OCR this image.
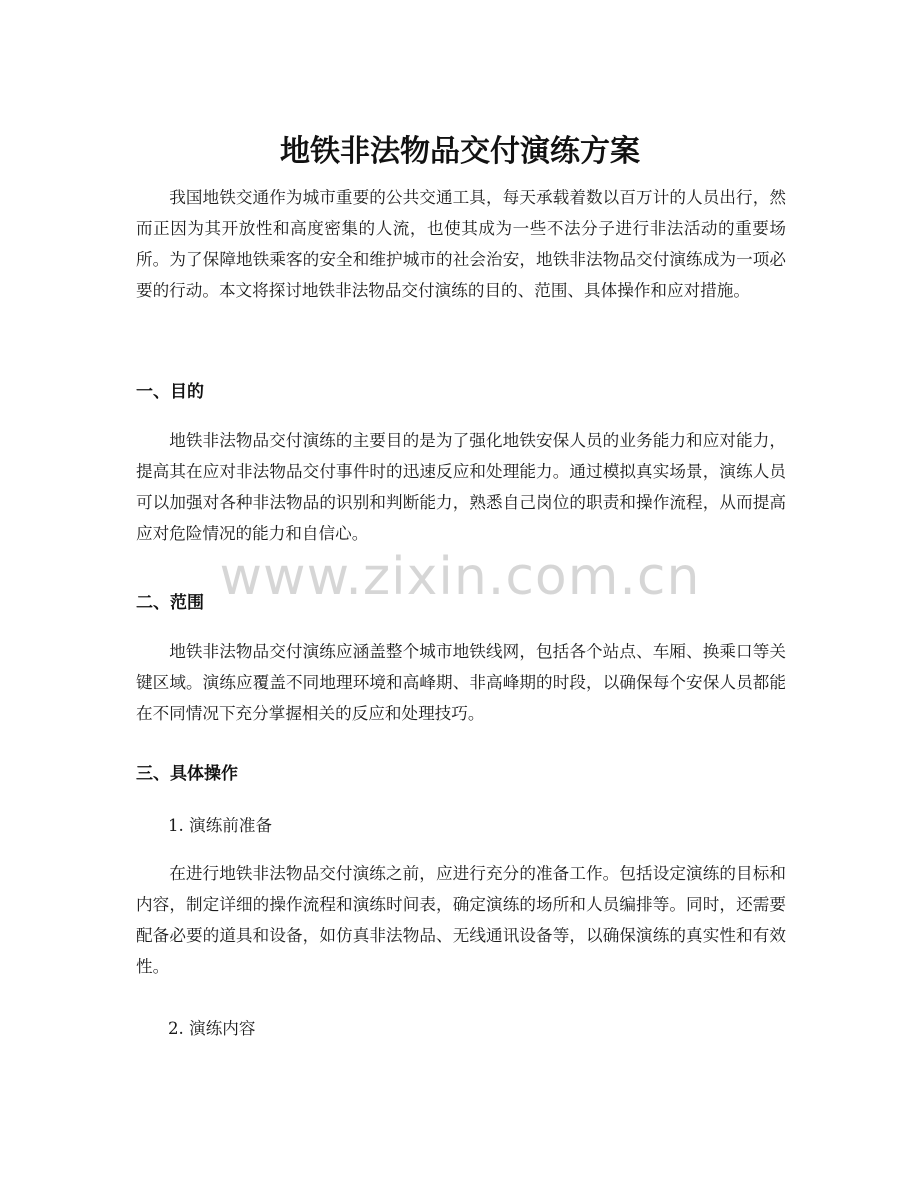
地铁非法物品交付演练方案

我国地铁交通作为城市重要的公共交通工具，每天承载着数以百万计的人员出行，然而正因为其开放性和高度密集的人流，也使其成为一些不法分子进行非法活动的重要场所。为了保障地铁乘客的安全和维护城市的社会治安，地铁非法物品交付演练成为一项必要的行动。本文将探讨地铁非法物品交付演练的目的、范围、具体操作和应对措施。

一、目的

地铁非法物品交付演练的主要目的是为了强化地铁安保人员的业务能力和应对能力，提高其在应对非法物品交付事件时的迅速反应和处理能力。通过模拟真实场景，演练人员可以加强对各种非法物品的识别和判断能力，熟悉自己岗位的职责和操作流程，从而提高应对危险情况的能力和自信心。

www.zixin.com.cn
二、范围

地铁非法物品交付演练应涵盖整个城市地铁线网，包括各个站点、车厢、换乘口等关键区域。演练应覆盖不同地理环境和高峰期、非高峰期的时段，以确保每个安保人员都能在不同情况下充分掌握相关的反应和处理技巧。

三、具体操作

1. 演练前准备

在进行地铁非法物品交付演练之前，应进行充分的准备工作。包括设定演练的目标和内容，制定详细的操作流程和演练时间表，确定演练的场所和人员编排等。同时，还需要配备必要的道具和设备，如仿真非法物品、无线通讯设备等，以确保演练的真实性和有效性。

2. 演练内容
